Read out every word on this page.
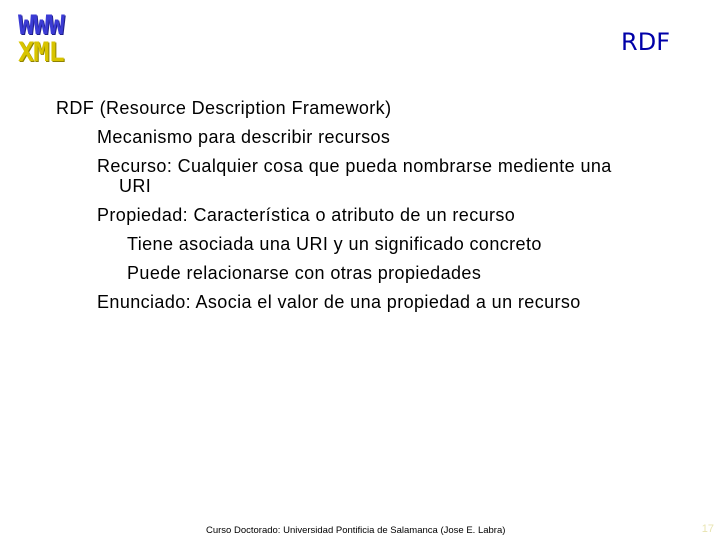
WWW
XML	RDF

RDF (Resource Description Framework)

Mecanismo para describir recursos

Recurso: Cualquier cosa que pueda nombrarse mediente una
URI

Propiedad: Característica o atributo de un recurso

Tiene asociada una URI y un significado concreto

Puede relacionarse con otras propiedades

Enunciado: Asocia el valor de una propiedad a un recurso

Curso Doctorado: Universidad Pontificia de Salamanca (Jose E. Labra)	17
